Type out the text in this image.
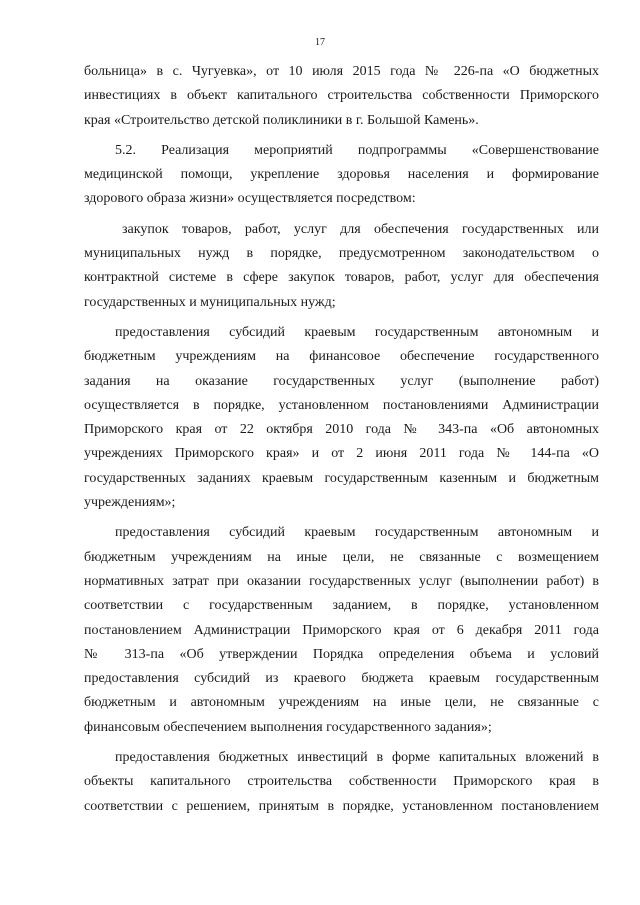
17
больница» в с. Чугуевка», от 10 июля 2015 года № 226-па «О бюджетных
инвестициях в объект капитального строительства собственности Приморского
края «Строительство детской поликлиники в г. Большой Камень».
5.2. Реализация мероприятий подпрограммы «Совершенствование
медицинской помощи, укрепление здоровья населения и формирование
здорового образа жизни» осуществляется посредством:
закупок товаров, работ, услуг для обеспечения государственных или
муниципальных нужд в порядке, предусмотренном законодательством о
контрактной системе в сфере закупок товаров, работ, услуг для обеспечения
государственных и муниципальных нужд;
предоставления субсидий краевым государственным автономным и
бюджетным учреждениям на финансовое обеспечение государственного
задания на оказание государственных услуг (выполнение работ)
осуществляется в порядке, установленном постановлениями Администрации
Приморского края от 22 октября 2010 года № 343-па «Об автономных
учреждениях Приморского края» и от 2 июня 2011 года № 144-па «О
государственных заданиях краевым государственным казенным и бюджетным
учреждениям»;
предоставления субсидий краевым государственным автономным и
бюджетным учреждениям на иные цели, не связанные с возмещением
нормативных затрат при оказании государственных услуг (выполнении работ) в
соответствии с государственным заданием, в порядке, установленном
постановлением Администрации Приморского края от 6 декабря 2011 года
№ 313-па «Об утверждении Порядка определения объема и условий
предоставления субсидий из краевого бюджета краевым государственным
бюджетным и автономным учреждениям на иные цели, не связанные с
финансовым обеспечением выполнения государственного задания»;
предоставления бюджетных инвестиций в форме капитальных вложений в
объекты капитального строительства собственности Приморского края в
соответствии с решением, принятым в порядке, установленном постановлением
